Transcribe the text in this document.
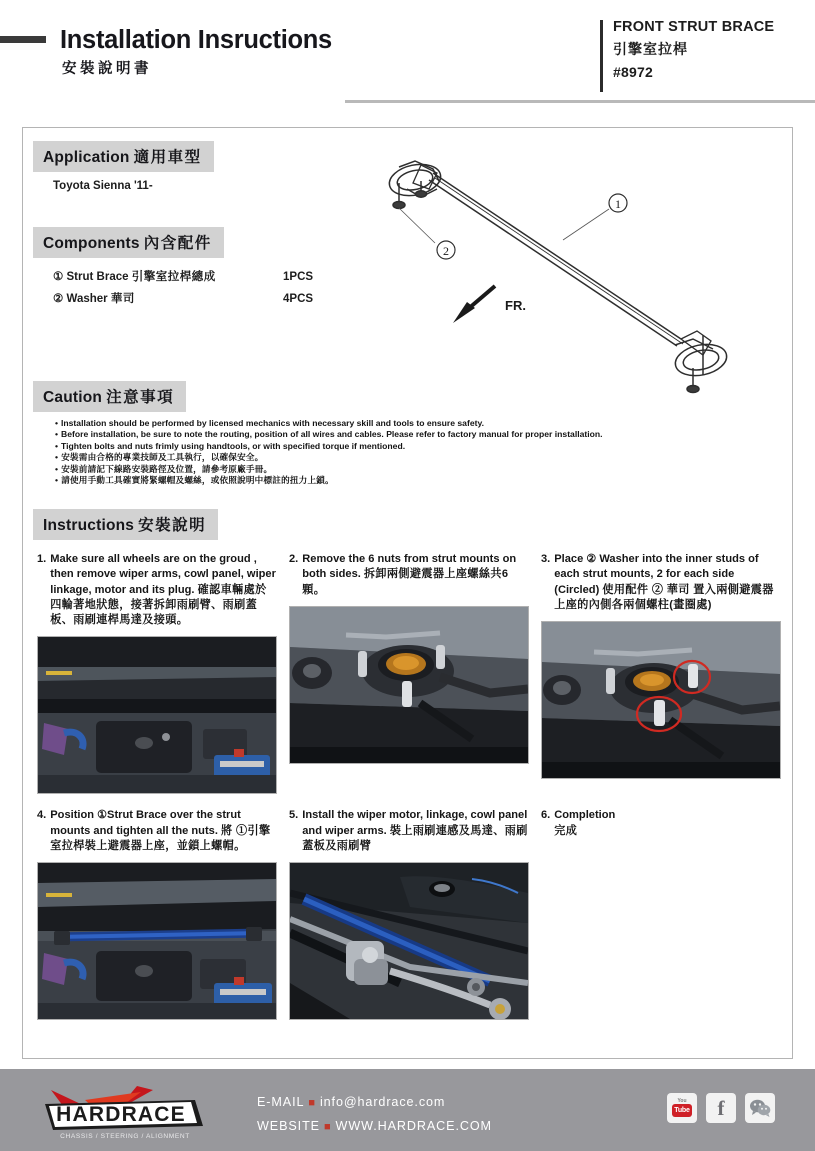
Installation Insructions
安裝說明書
FRONT STRUT BRACE
引擎室拉桿
#8972
Application 適用車型
Toyota Sienna '11-
Components 內含配件
① Strut Brace 引擎室拉桿總成	1PCS
② Washer 華司	4PCS
1
2
FR.
Caution 注意事項
• Installation should be performed by licensed mechanics with necessary skill and tools to ensure safety.
• Before installation, be sure to note the routing, position of all wires and cables. Please refer to factory manual for proper installation.
• Tighten bolts and nuts frimly using handtools, or with specified torque if mentioned.
• 安裝需由合格的專業技師及工具執行，以確保安全。
• 安裝前請記下線路安裝路徑及位置，請參考原廠手冊。
• 請使用手動工具確實將緊螺帽及螺絲，或依照說明中標註的扭力上鎖。
Instructions 安裝說明
1. Make sure all wheels are on the groud , then remove wiper arms, cowl panel, wiper linkage, motor and its plug. 確認車輛處於四輪著地狀態，接著拆卸雨刷臂、雨刷蓋板、雨刷連桿馬達及接頭。
2. Remove the 6 nuts from strut mounts on both sides. 拆卸兩側避震器上座螺絲共6顆。
3. Place ② Washer into the inner studs of each strut mounts, 2 for each side (Circled) 使用配件 ② 華司 置入兩側避震器上座的內側各兩個螺柱(畫圈處)
4. Position ①Strut Brace over the strut mounts and tighten all the nuts. 將 ①引擎室拉桿裝上避震器上座，並鎖上螺帽。
5. Install the wiper motor, linkage, cowl panel and wiper arms. 裝上雨刷連感及馬達、雨刷蓋板及雨刷臂
6. Completion
完成
HARDRACE
CHASSIS / STEERING / ALIGNMENT
E-MAIL ■ info@hardrace.com
WEBSITE ■ WWW.HARDRACE.COM
You
Tube f
